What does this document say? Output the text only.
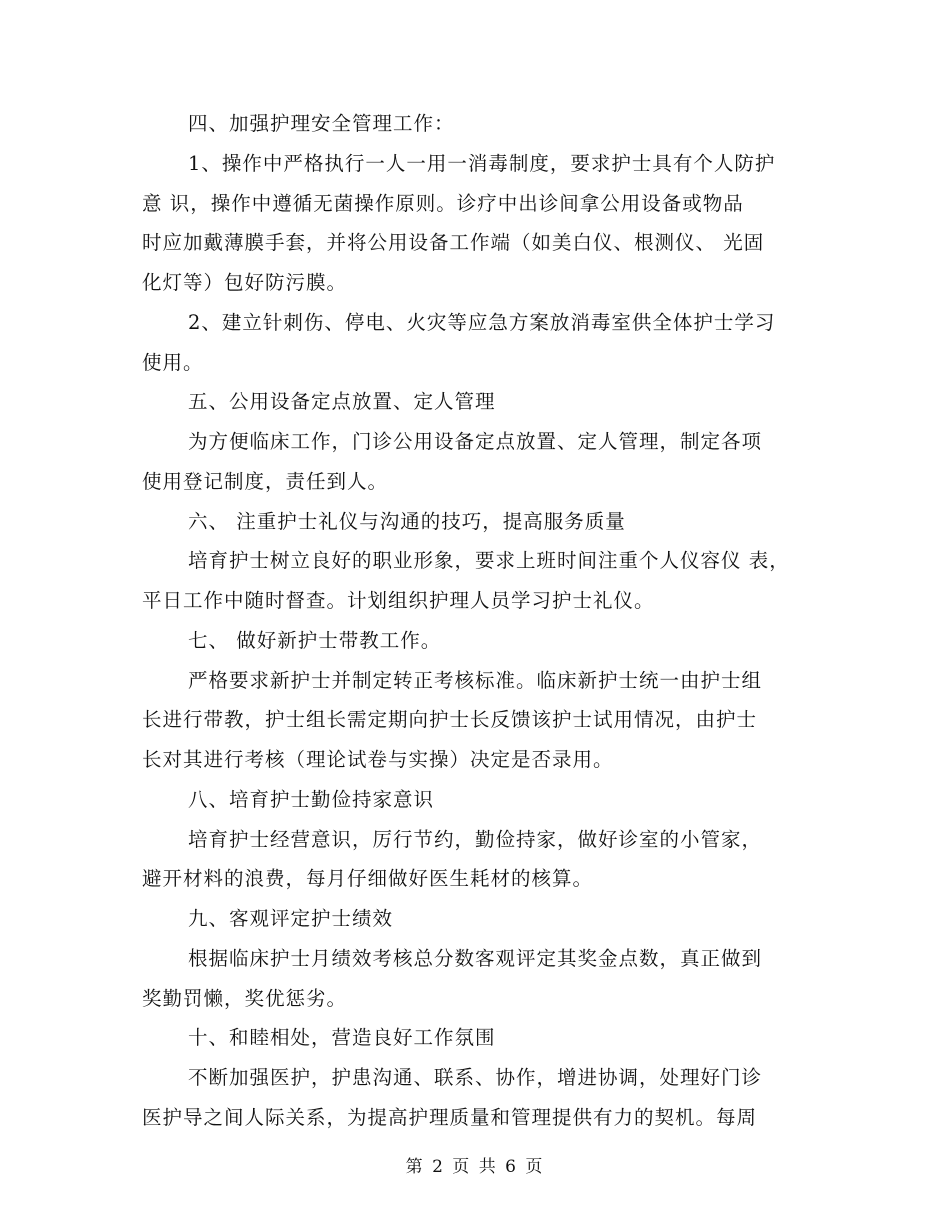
四、加强护理安全管理工作：
1、操作中严格执行一人一用一消毒制度，要求护士具有个人防护
意 识，操作中遵循无菌操作原则。诊疗中出诊间拿公用设备或物品
时应加戴薄膜手套，并将公用设备工作端（如美白仪、根测仪、 光固
化灯等）包好防污膜。
2、建立针刺伤、停电、火灾等应急方案放消毒室供全体护士学习
使用。
五、公用设备定点放置、定人管理
为方便临床工作，门诊公用设备定点放置、定人管理，制定各项
使用登记制度，责任到人。
六、 注重护士礼仪与沟通的技巧，提高服务质量
培育护士树立良好的职业形象，要求上班时间注重个人仪容仪 表，
平日工作中随时督查。计划组织护理人员学习护士礼仪。
七、 做好新护士带教工作。
严格要求新护士并制定转正考核标准。临床新护士统一由护士组
长进行带教，护士组长需定期向护士长反馈该护士试用情况，由护士
长对其进行考核（理论试卷与实操）决定是否录用。
八、培育护士勤俭持家意识
培育护士经营意识，厉行节约，勤俭持家，做好诊室的小管家，
避开材料的浪费，每月仔细做好医生耗材的核算。
九、客观评定护士绩效
根据临床护士月绩效考核总分数客观评定其奖金点数，真正做到
奖勤罚懒，奖优惩劣。
十、和睦相处，营造良好工作氛围
不断加强医护，护患沟通、联系、协作，增进协调，处理好门诊
医护导之间人际关系，为提高护理质量和管理提供有力的契机。每周
第 2 页 共 6 页
